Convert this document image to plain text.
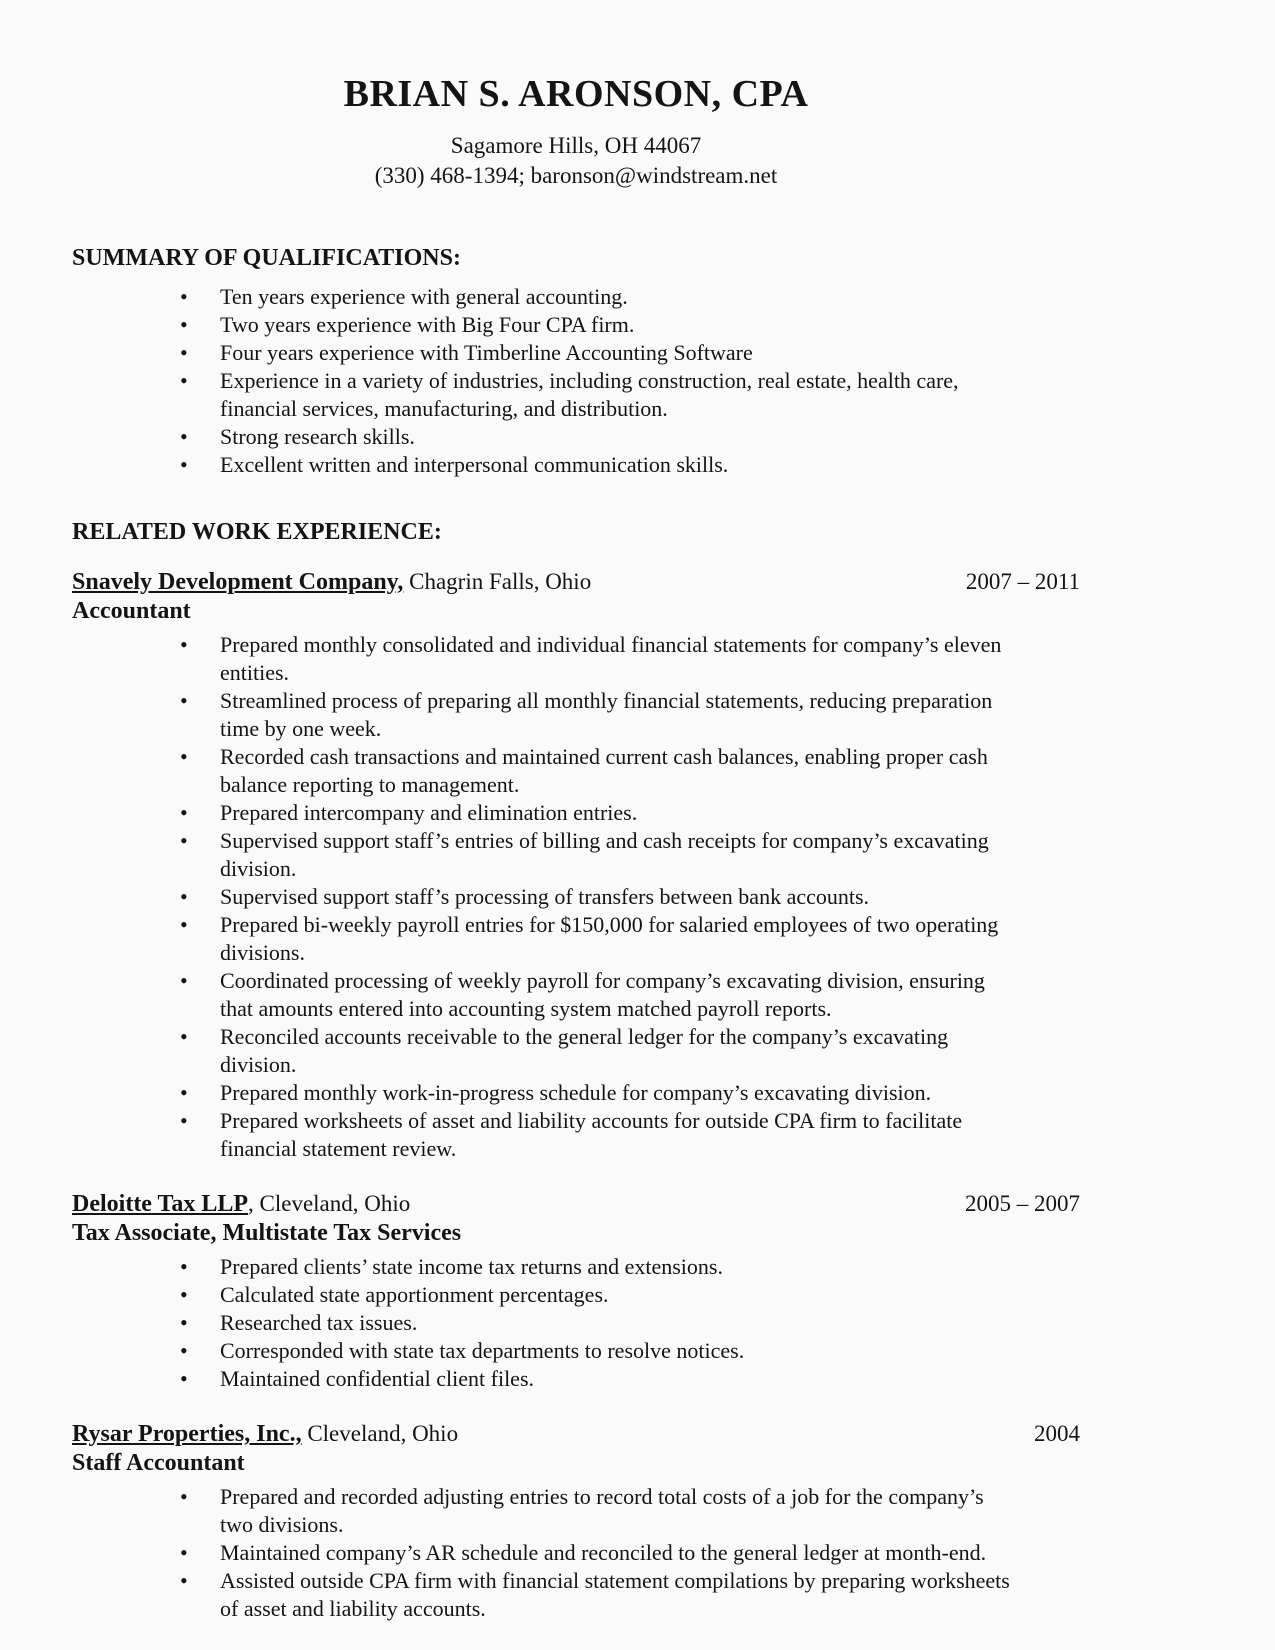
BRIAN S. ARONSON, CPA
Sagamore Hills, OH 44067
(330) 468-1394; baronson@windstream.net
SUMMARY OF QUALIFICATIONS:
• Ten years experience with general accounting.
• Two years experience with Big Four CPA firm.
• Four years experience with Timberline Accounting Software
• Experience in a variety of industries, including construction, real estate, health care, financial services, manufacturing, and distribution.
• Strong research skills.
• Excellent written and interpersonal communication skills.
RELATED WORK EXPERIENCE:
Snavely Development Company, Chagrin Falls, Ohio	2007 – 2011
Accountant
• Prepared monthly consolidated and individual financial statements for company’s eleven entities.
• Streamlined process of preparing all monthly financial statements, reducing preparation time by one week.
• Recorded cash transactions and maintained current cash balances, enabling proper cash balance reporting to management.
• Prepared intercompany and elimination entries.
• Supervised support staff’s entries of billing and cash receipts for company’s excavating division.
• Supervised support staff’s processing of transfers between bank accounts.
• Prepared bi-weekly payroll entries for $150,000 for salaried employees of two operating divisions.
• Coordinated processing of weekly payroll for company’s excavating division, ensuring that amounts entered into accounting system matched payroll reports.
• Reconciled accounts receivable to the general ledger for the company’s excavating division.
• Prepared monthly work-in-progress schedule for company’s excavating division.
• Prepared worksheets of asset and liability accounts for outside CPA firm to facilitate financial statement review.
Deloitte Tax LLP, Cleveland, Ohio	2005 – 2007
Tax Associate, Multistate Tax Services
• Prepared clients’ state income tax returns and extensions.
• Calculated state apportionment percentages.
• Researched tax issues.
• Corresponded with state tax departments to resolve notices.
• Maintained confidential client files.
Rysar Properties, Inc., Cleveland, Ohio	2004
Staff Accountant
• Prepared and recorded adjusting entries to record total costs of a job for the company’s two divisions.
• Maintained company’s AR schedule and reconciled to the general ledger at month-end.
• Assisted outside CPA firm with financial statement compilations by preparing worksheets of asset and liability accounts.
